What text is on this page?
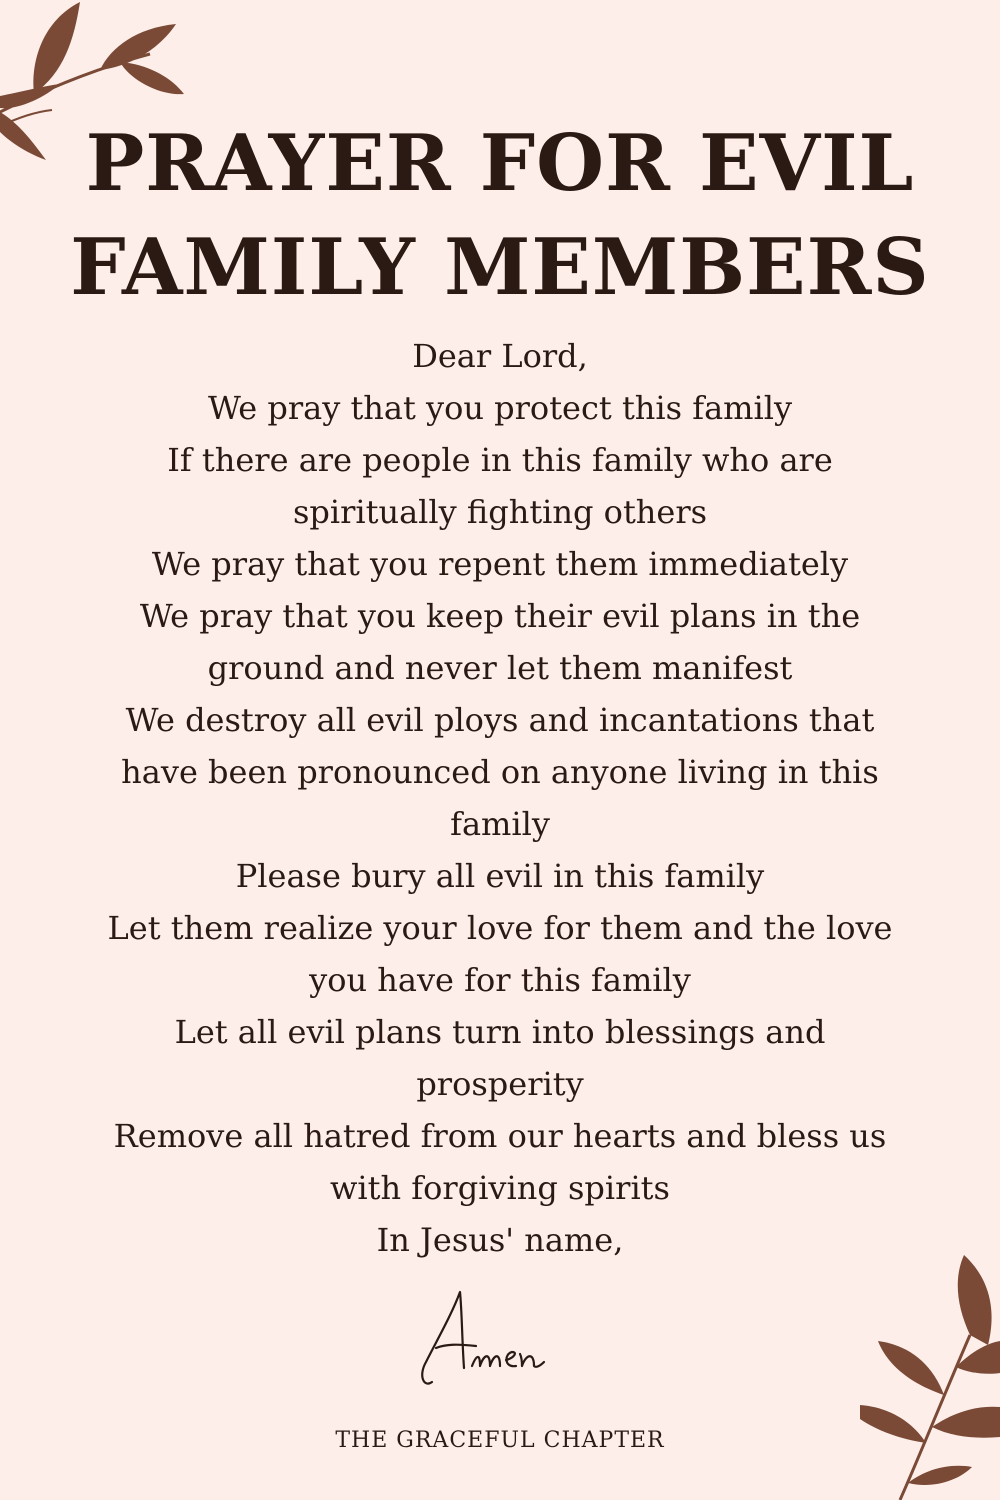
PRAYER FOR EVIL
FAMILY MEMBERS
Dear Lord,
We pray that you protect this family
If there are people in this family who are
spiritually fighting others
We pray that you repent them immediately
We pray that you keep their evil plans in the
ground and never let them manifest
We destroy all evil ploys and incantations that
have been pronounced on anyone living in this
family
Please bury all evil in this family
Let them realize your love for them and the love
you have for this family
Let all evil plans turn into blessings and
prosperity
Remove all hatred from our hearts and bless us
with forgiving spirits
In Jesus' name,
THE GRACEFUL CHAPTER
